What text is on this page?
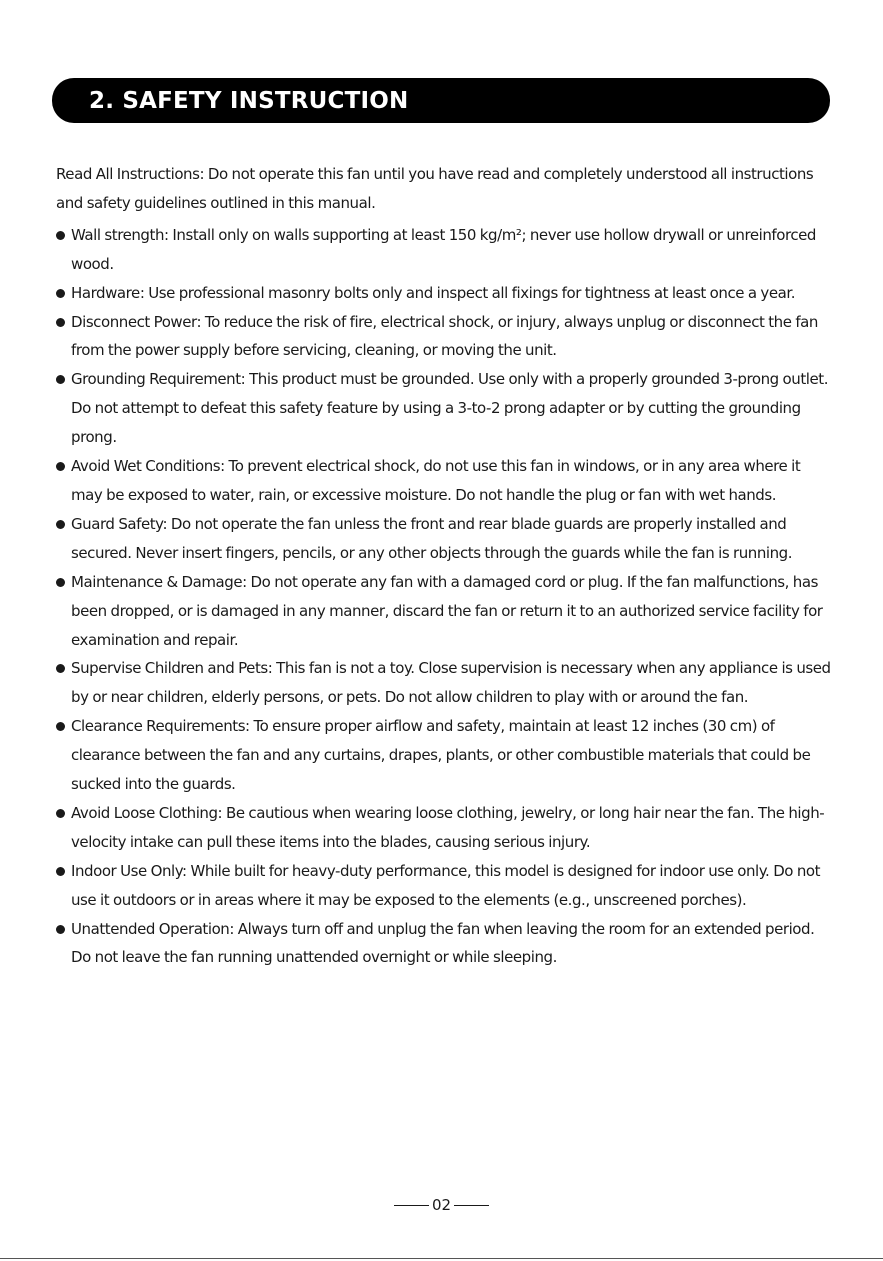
2. SAFETY INSTRUCTION

Read All Instructions: Do not operate this fan until you have read and completely understood all instructions and safety guidelines outlined in this manual.

Wall strength: Install only on walls supporting at least 150 kg/m²; never use hollow drywall or unreinforced wood.
Hardware: Use professional masonry bolts only and inspect all fixings for tightness at least once a year.
Disconnect Power: To reduce the risk of fire, electrical shock, or injury, always unplug or disconnect the fan from the power supply before servicing, cleaning, or moving the unit.
Grounding Requirement: This product must be grounded. Use only with a properly grounded 3-prong outlet. Do not attempt to defeat this safety feature by using a 3-to-2 prong adapter or by cutting the grounding prong.
Avoid Wet Conditions: To prevent electrical shock, do not use this fan in windows, or in any area where it may be exposed to water, rain, or excessive moisture. Do not handle the plug or fan with wet hands.
Guard Safety: Do not operate the fan unless the front and rear blade guards are properly installed and secured. Never insert fingers, pencils, or any other objects through the guards while the fan is running.
Maintenance & Damage: Do not operate any fan with a damaged cord or plug. If the fan malfunctions, has been dropped, or is damaged in any manner, discard the fan or return it to an authorized service facility for examination and repair.
Supervise Children and Pets: This fan is not a toy. Close supervision is necessary when any appliance is used by or near children, elderly persons, or pets. Do not allow children to play with or around the fan.
Clearance Requirements: To ensure proper airflow and safety, maintain at least 12 inches (30 cm) of clearance between the fan and any curtains, drapes, plants, or other combustible materials that could be sucked into the guards.
Avoid Loose Clothing: Be cautious when wearing loose clothing, jewelry, or long hair near the fan. The high-velocity intake can pull these items into the blades, causing serious injury.
Indoor Use Only: While built for heavy-duty performance, this model is designed for indoor use only. Do not use it outdoors or in areas where it may be exposed to the elements (e.g., unscreened porches).
Unattended Operation: Always turn off and unplug the fan when leaving the room for an extended period. Do not leave the fan running unattended overnight or while sleeping.
02
